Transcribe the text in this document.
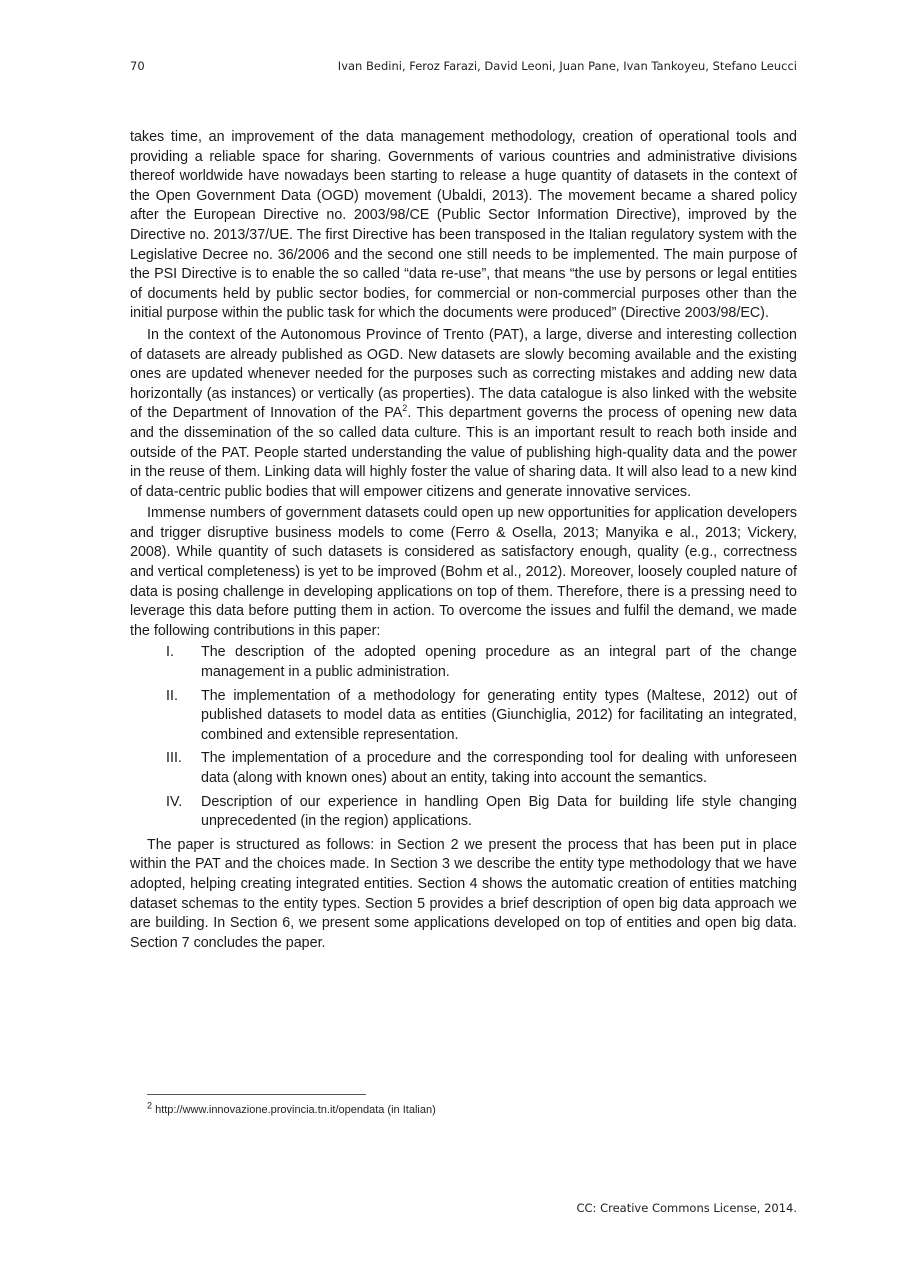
70	Ivan Bedini, Feroz Farazi, David Leoni, Juan Pane, Ivan Tankoyeu, Stefano Leucci

takes time, an improvement of the data management methodology, creation of operational tools and providing a reliable space for sharing. Governments of various countries and administrative divisions thereof worldwide have nowadays been starting to release a huge quantity of datasets in the context of the Open Government Data (OGD) movement (Ubaldi, 2013). The movement became a shared policy after the European Directive no. 2003/98/CE (Public Sector Information Directive), improved by the Directive no. 2013/37/UE. The first Directive has been transposed in the Italian regulatory system with the Legislative Decree no. 36/2006 and the second one still needs to be implemented. The main purpose of the PSI Directive is to enable the so called “data re-use”, that means “the use by persons or legal entities of documents held by public sector bodies, for commercial or non-commercial purposes other than the initial purpose within the public task for which the documents were produced” (Directive 2003/98/EC).

In the context of the Autonomous Province of Trento (PAT), a large, diverse and interesting collection of datasets are already published as OGD. New datasets are slowly becoming available and the existing ones are updated whenever needed for the purposes such as correcting mistakes and adding new data horizontally (as instances) or vertically (as properties). The data catalogue is also linked with the website of the Department of Innovation of the $PA^2$. This department governs the process of opening new data and the dissemination of the so called data culture. This is an important result to reach both inside and outside of the PAT. People started understanding the value of publishing high-quality data and the power in the reuse of them. Linking data will highly foster the value of sharing data. It will also lead to a new kind of data-centric public bodies that will empower citizens and generate innovative services.

Immense numbers of government datasets could open up new opportunities for application developers and trigger disruptive business models to come (Ferro & Osella, 2013; Manyika e al., 2013; Vickery, 2008). While quantity of such datasets is considered as satisfactory enough, quality (e.g., correctness and vertical completeness) is yet to be improved (Bohm et al., 2012). Moreover, loosely coupled nature of data is posing challenge in developing applications on top of them. Therefore, there is a pressing need to leverage this data before putting them in action. To overcome the issues and fulfil the demand, we made the following contributions in this paper:

I.	The description of the adopted opening procedure as an integral part of the change management in a public administration.
II.	The implementation of a methodology for generating entity types (Maltese, 2012) out of published datasets to model data as entities (Giunchiglia, 2012) for facilitating an integrated, combined and extensible representation.
III.	The implementation of a procedure and the corresponding tool for dealing with unforeseen data (along with known ones) about an entity, taking into account the semantics.
IV.	Description of our experience in handling Open Big Data for building life style changing unprecedented (in the region) applications.

The paper is structured as follows: in Section 2 we present the process that has been put in place within the PAT and the choices made. In Section 3 we describe the entity type methodology that we have adopted, helping creating integrated entities. Section 4 shows the automatic creation of entities matching dataset schemas to the entity types. Section 5 provides a brief description of open big data approach we are building. In Section 6, we present some applications developed on top of entities and open big data. Section 7 concludes the paper.

$^2$ http://www.innovazione.provincia.tn.it/opendata (in Italian)
CC: Creative Commons License, 2014.
